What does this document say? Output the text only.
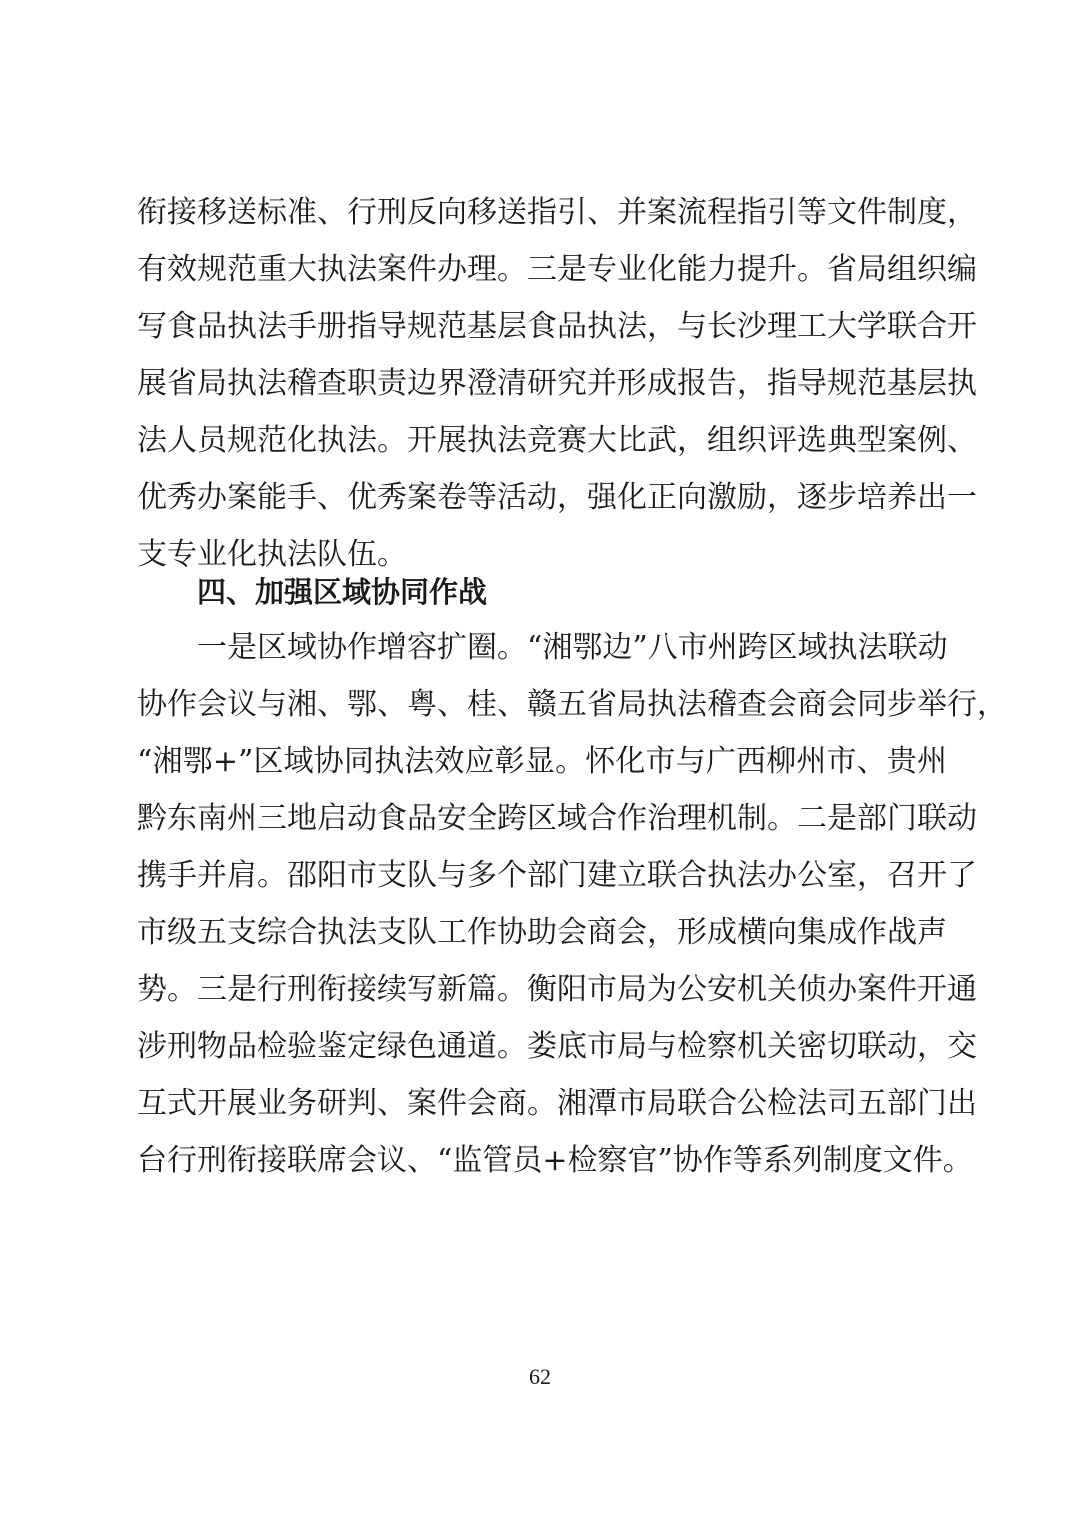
衔接移送标准、行刑反向移送指引、并案流程指引等文件制度，
有效规范重大执法案件办理。三是专业化能力提升。省局组织编
写食品执法手册指导规范基层食品执法，与长沙理工大学联合开
展省局执法稽查职责边界澄清研究并形成报告，指导规范基层执
法人员规范化执法。开展执法竞赛大比武，组织评选典型案例、
优秀办案能手、优秀案卷等活动，强化正向激励，逐步培养出一
支专业化执法队伍。
四、加强区域协同作战
一是区域协作增容扩圈。“湘鄂边”八市州跨区域执法联动
协作会议与湘、鄂、粤、桂、赣五省局执法稽查会商会同步举行，
“湘鄂+”区域协同执法效应彰显。怀化市与广西柳州市、贵州
黔东南州三地启动食品安全跨区域合作治理机制。二是部门联动
携手并肩。邵阳市支队与多个部门建立联合执法办公室，召开了
市级五支综合执法支队工作协助会商会，形成横向集成作战声
势。三是行刑衔接续写新篇。衡阳市局为公安机关侦办案件开通
涉刑物品检验鉴定绿色通道。娄底市局与检察机关密切联动，交
互式开展业务研判、案件会商。湘潭市局联合公检法司五部门出
台行刑衔接联席会议、“监管员+检察官”协作等系列制度文件。
62
